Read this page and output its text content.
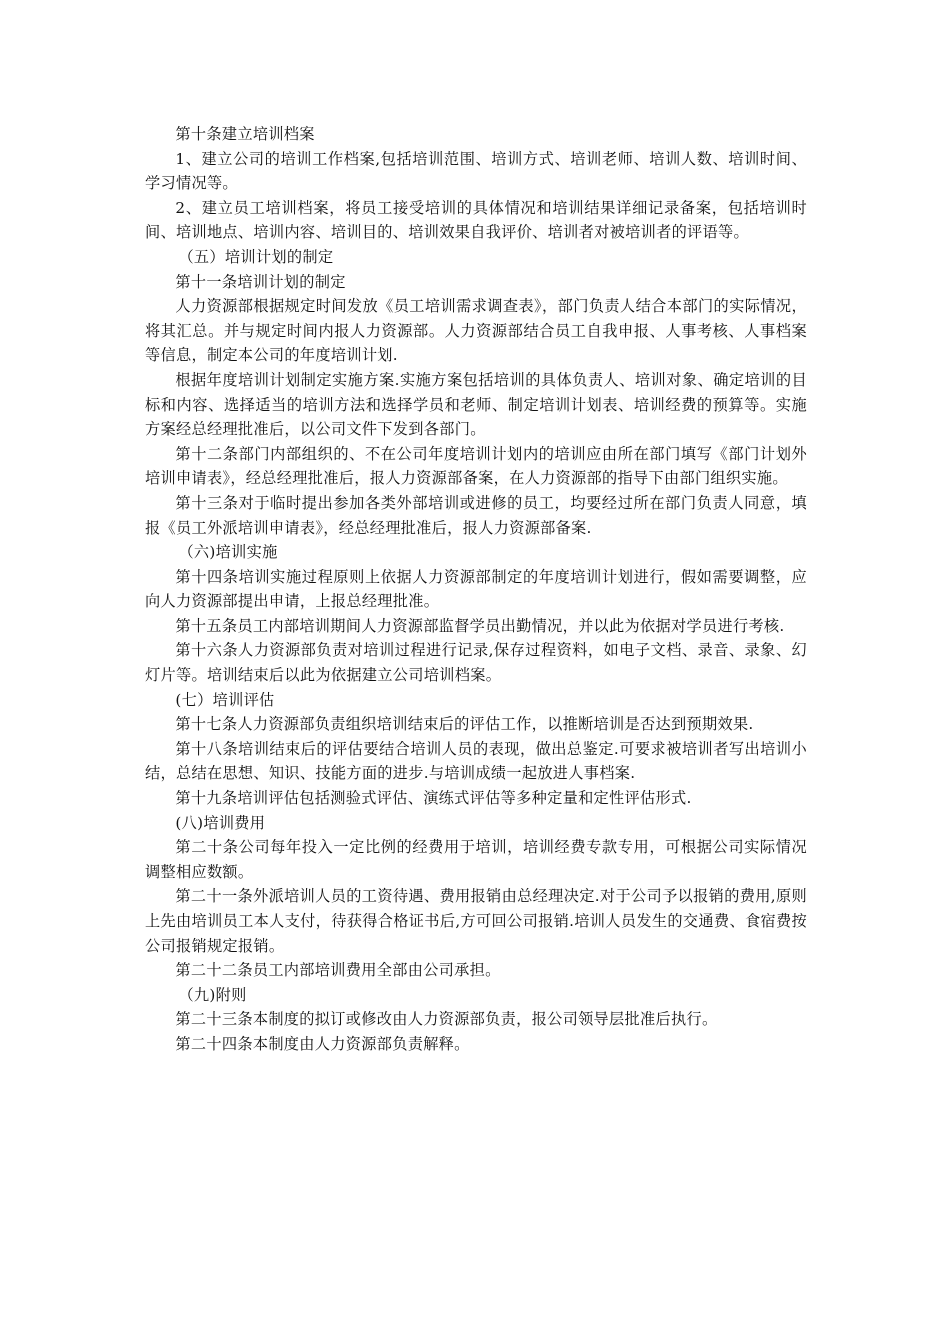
第十条建立培训档案

1、建立公司的培训工作档案,包括培训范围、培训方式、培训老师、培训人数、培训时间、学习情况等。

2、建立员工培训档案，将员工接受培训的具体情况和培训结果详细记录备案，包括培训时间、培训地点、培训内容、培训目的、培训效果自我评价、培训者对被培训者的评语等。

（五）培训计划的制定

第十一条培训计划的制定

人力资源部根据规定时间发放《员工培训需求调查表》，部门负责人结合本部门的实际情况，将其汇总。并与规定时间内报人力资源部。人力资源部结合员工自我申报、人事考核、人事档案等信息，制定本公司的年度培训计划.

根据年度培训计划制定实施方案.实施方案包括培训的具体负责人、培训对象、确定培训的目标和内容、选择适当的培训方法和选择学员和老师、制定培训计划表、培训经费的预算等。实施方案经总经理批准后，以公司文件下发到各部门。

第十二条部门内部组织的、不在公司年度培训计划内的培训应由所在部门填写《部门计划外培训申请表》，经总经理批准后，报人力资源部备案，在人力资源部的指导下由部门组织实施。

第十三条对于临时提出参加各类外部培训或进修的员工，均要经过所在部门负责人同意，填报《员工外派培训申请表》，经总经理批准后，报人力资源部备案.

（六)培训实施

第十四条培训实施过程原则上依据人力资源部制定的年度培训计划进行，假如需要调整，应向人力资源部提出申请，上报总经理批准。

第十五条员工内部培训期间人力资源部监督学员出勤情况，并以此为依据对学员进行考核.

第十六条人力资源部负责对培训过程进行记录,保存过程资料，如电子文档、录音、录象、幻灯片等。培训结束后以此为依据建立公司培训档案。

(七）培训评估

第十七条人力资源部负责组织培训结束后的评估工作，以推断培训是否达到预期效果.

第十八条培训结束后的评估要结合培训人员的表现，做出总鉴定.可要求被培训者写出培训小结，总结在思想、知识、技能方面的进步.与培训成绩一起放进人事档案.

第十九条培训评估包括测验式评估、演练式评估等多种定量和定性评估形式.

(八)培训费用

第二十条公司每年投入一定比例的经费用于培训，培训经费专款专用，可根据公司实际情况调整相应数额。

第二十一条外派培训人员的工资待遇、费用报销由总经理决定.对于公司予以报销的费用,原则上先由培训员工本人支付，待获得合格证书后,方可回公司报销.培训人员发生的交通费、食宿费按公司报销规定报销。

第二十二条员工内部培训费用全部由公司承担。

（九)附则

第二十三条本制度的拟订或修改由人力资源部负责，报公司领导层批准后执行。

第二十四条本制度由人力资源部负责解释。
